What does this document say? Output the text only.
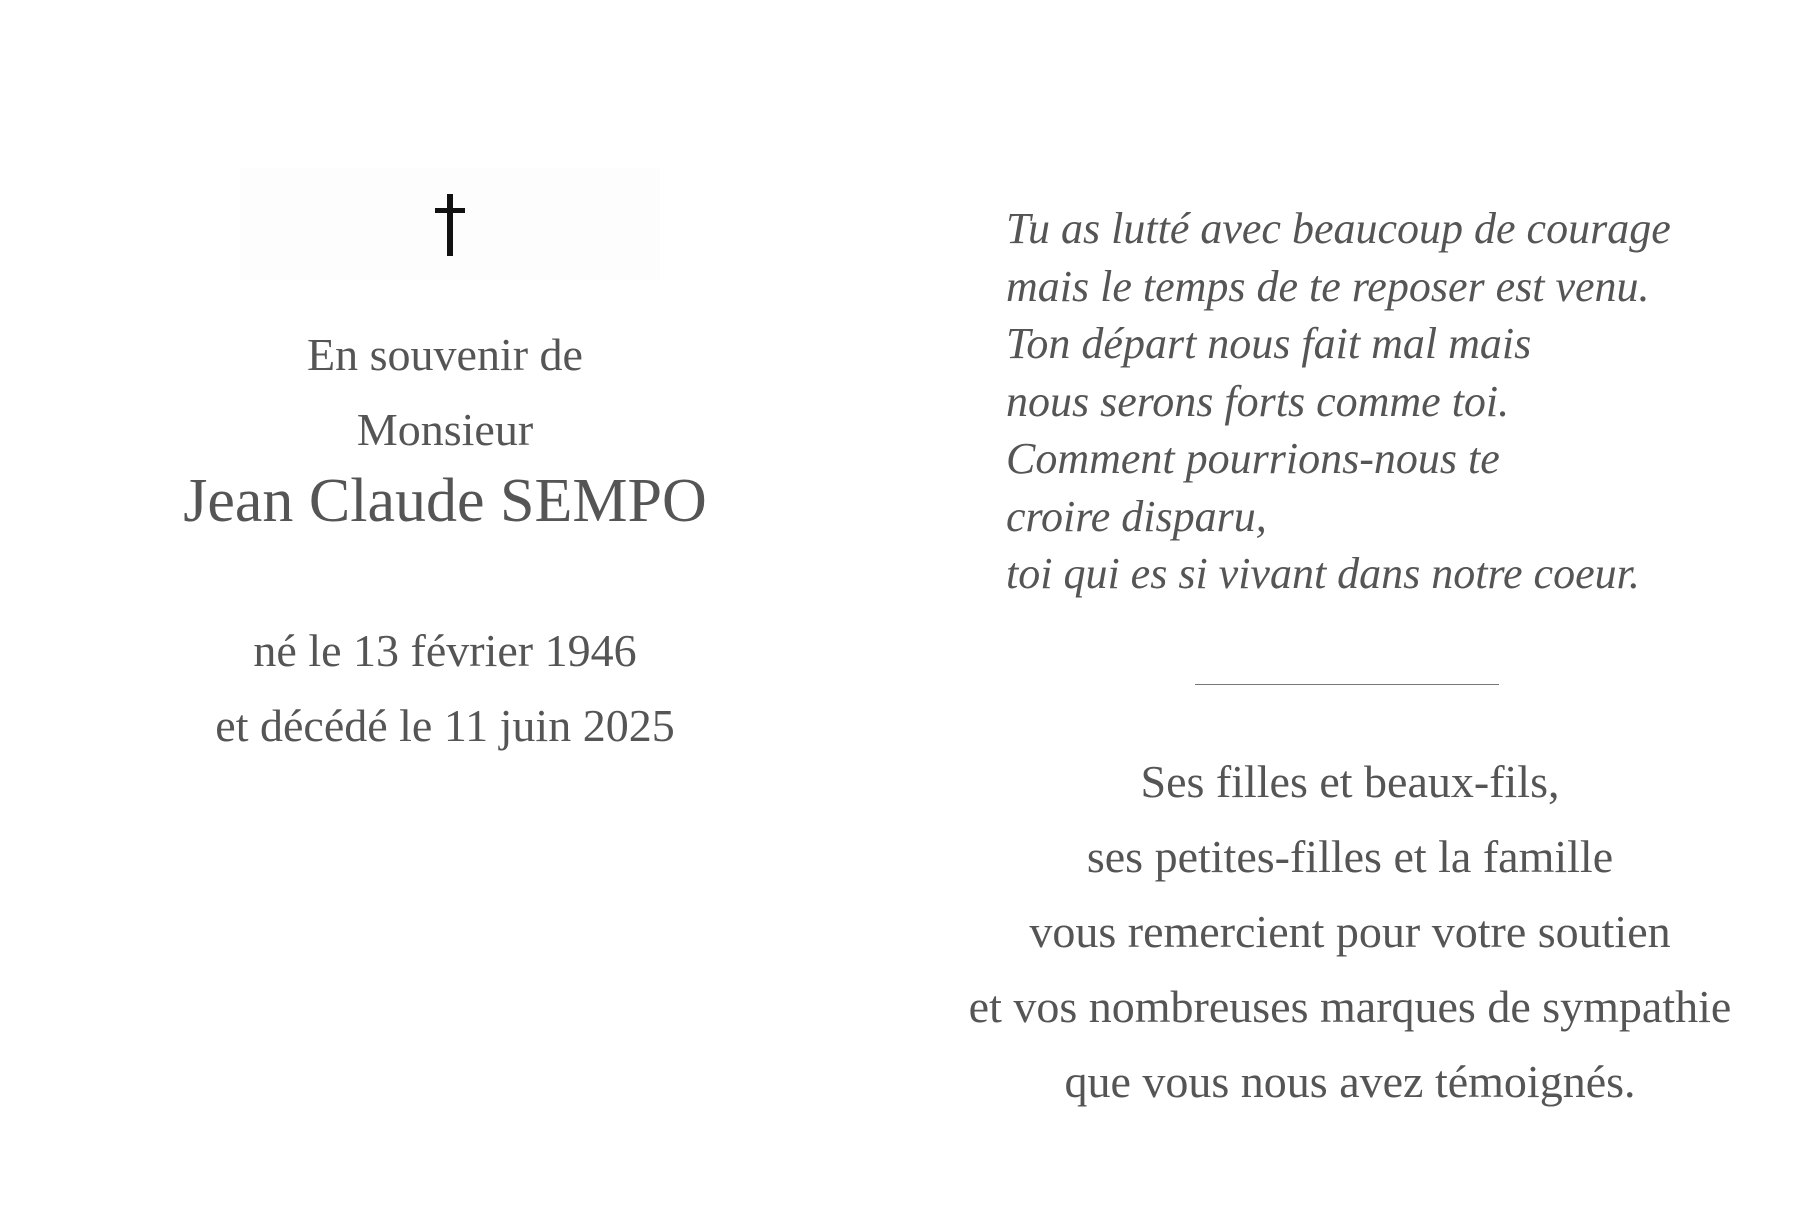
En souvenir de
Monsieur
Jean Claude SEMPO
né le 13 février 1946
et décédé le 11 juin 2025
Tu as lutté avec beaucoup de courage
mais le temps de te reposer est venu.
Ton départ nous fait mal mais
nous serons forts comme toi.
Comment pourrions-nous te
croire disparu,
toi qui es si vivant dans notre coeur.
Ses filles et beaux-fils,
ses petites-filles et la famille
vous remercient pour votre soutien
et vos nombreuses marques de sympathie
que vous nous avez témoignés.
